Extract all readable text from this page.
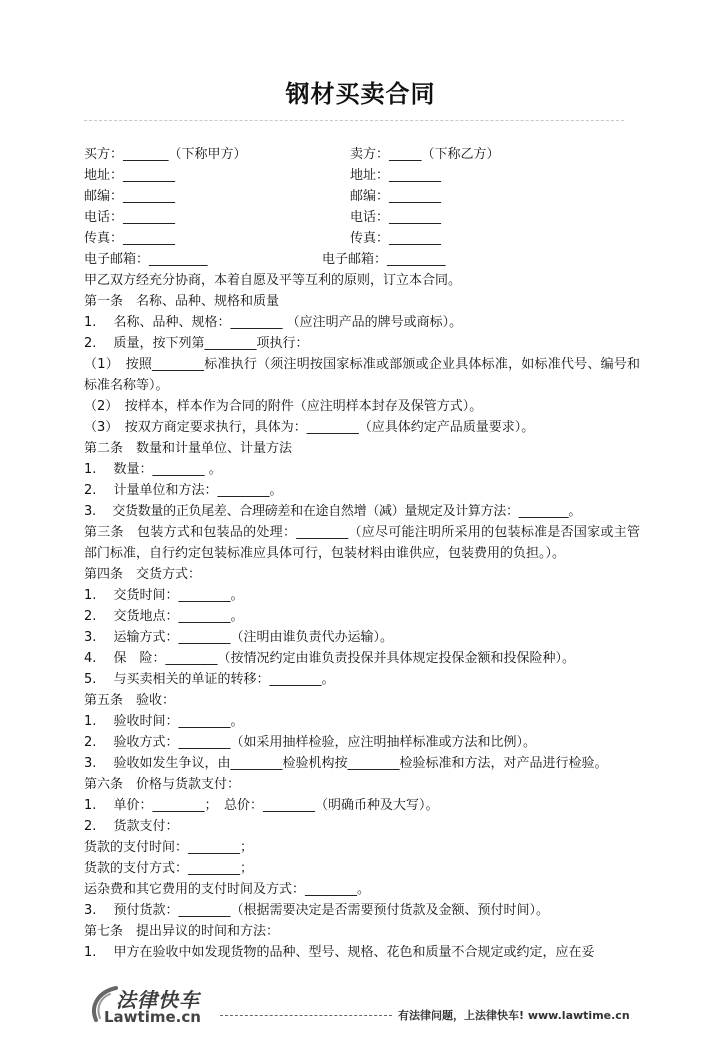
钢材买卖合同
买方：_______（下称甲方）	卖方：_____（下称乙方）
地址：________	地址：________
邮编：________	邮编：________
电话：________	电话：________
传真：________	传真：________
电子邮箱：_________	电子邮箱：_________
甲乙双方经充分协商，本着自愿及平等互利的原则，订立本合同。
第一条　名称、品种、规格和质量
1.　 名称、品种、规格：________ （应注明产品的牌号或商标）。
2.　 质量，按下列第________项执行：
（1）　按照________标准执行（须注明按国家标准或部颁或企业具体标准，如标准代号、编号和标准名称等）。
（2）　按样本，样本作为合同的附件（应注明样本封存及保管方式）。
（3）　按双方商定要求执行，具体为：________（应具体约定产品质量要求）。
第二条　数量和计量单位、计量方法
1.　 数量：________ 。
2.　 计量单位和方法：________。
3.　 交货数量的正负尾差、合理磅差和在途自然增（减）量规定及计算方法：________。
第三条　包装方式和包装品的处理：________（应尽可能注明所采用的包装标准是否国家或主管部门标准，自行约定包装标准应具体可行，包装材料由谁供应，包装费用的负担。）。
第四条　交货方式：
1.　 交货时间：________。
2.　 交货地点：________。
3.　 运输方式：________（注明由谁负责代办运输）。
4.　 保　险：________（按情况约定由谁负责投保并具体规定投保金额和投保险种）。
5.　 与买卖相关的单证的转移：________。
第五条　验收：
1.　 验收时间：________。
2.　 验收方式：________（如采用抽样检验，应注明抽样标准或方法和比例）。
3.　 验收如发生争议，由________检验机构按________检验标准和方法，对产品进行检验。
第六条　价格与货款支付：
1.　 单价：________；　总价：________（明确币种及大写）。
2.　 货款支付：
货款的支付时间：________；
货款的支付方式：________；
运杂费和其它费用的支付时间及方式：________。
3.　 预付货款：________（根据需要决定是否需要预付货款及金额、预付时间）。
第七条　提出异议的时间和方法：
1.　 甲方在验收中如发现货物的品种、型号、规格、花色和质量不合规定或约定，应在妥
法律快车
Lawtime.cn	有法律问题，上法律快车! www.lawtime.cn
